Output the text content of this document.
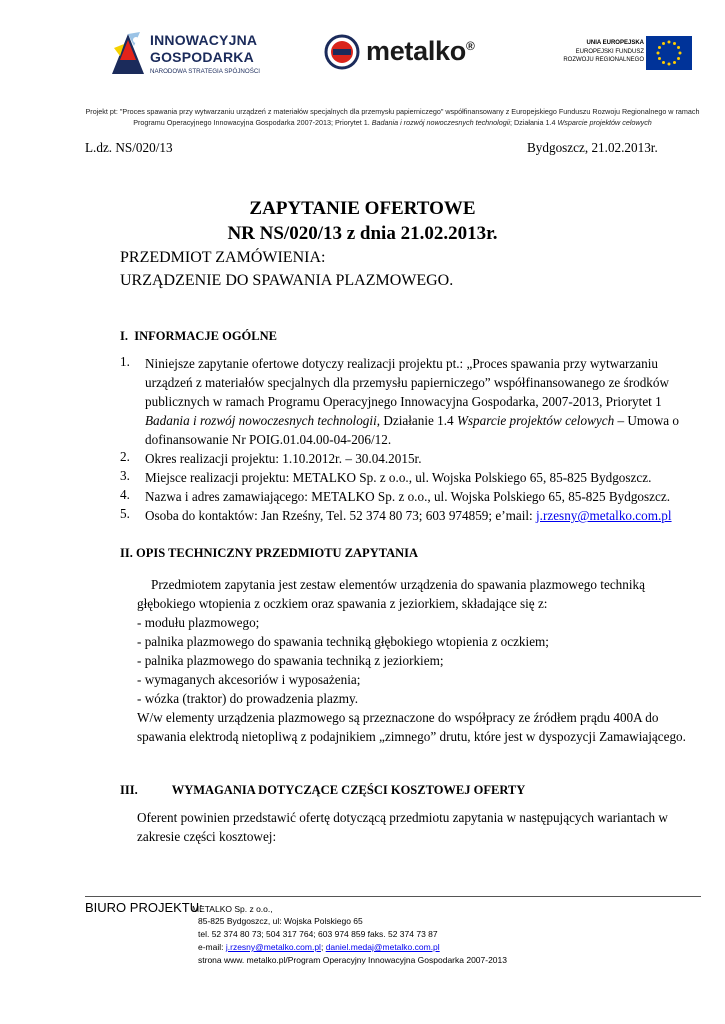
INNOWACYJNA
GOSPODARKA
NARODOWA STRATEGIA SPÓJNOŚCI
metalko®	UNIA EUROPEJSKA
EUROPEJSKI FUNDUSZ
ROZWOJU REGIONALNEGO
Projekt pt: "Proces spawania przy wytwarzaniu urządzeń z materiałów specjalnych dla przemysłu papierniczego" współfinansowany z Europejskiego Funduszu Rozwoju Regionalnego w ramach Programu Operacyjnego Innowacyjna Gospodarka 2007-2013; Priorytet 1. Badania i rozwój nowoczesnych technologii; Działania 1.4 Wsparcie projektów celowych
L.dz. NS/020/13	Bydgoszcz, 21.02.2013r.
ZAPYTANIE OFERTOWE
NR NS/020/13 z dnia 21.02.2013r.
PRZEDMIOT ZAMÓWIENIA:
URZĄDZENIE DO SPAWANIA PLAZMOWEGO.
I. INFORMACJE OGÓLNE
1. Niniejsze zapytanie ofertowe dotyczy realizacji projektu pt.: „Proces spawania przy wytwarzaniu urządzeń z materiałów specjalnych dla przemysłu papierniczego” współfinansowanego ze środków publicznych w ramach Programu Operacyjnego Innowacyjna Gospodarka, 2007-2013, Priorytet 1 Badania i rozwój nowoczesnych technologii, Działanie 1.4 Wsparcie projektów celowych – Umowa o dofinansowanie Nr POIG.01.04.00-04-206/12.
2. Okres realizacji projektu: 1.10.2012r. – 30.04.2015r.
3. Miejsce realizacji projektu: METALKO Sp. z o.o., ul. Wojska Polskiego 65, 85-825 Bydgoszcz.
4. Nazwa i adres zamawiającego: METALKO Sp. z o.o., ul. Wojska Polskiego 65, 85-825 Bydgoszcz.
5. Osoba do kontaktów: Jan Rześny, Tel. 52 374 80 73; 603 974859; e’mail: j.rzesny@metalko.com.pl
II. OPIS TECHNICZNY PRZEDMIOTU ZAPYTANIA
Przedmiotem zapytania jest zestaw elementów urządzenia do spawania plazmowego techniką głębokiego wtopienia z oczkiem oraz spawania z jeziorkiem, składające się z:
- modułu plazmowego;
- palnika plazmowego do spawania techniką głębokiego wtopienia z oczkiem;
- palnika plazmowego do spawania techniką z jeziorkiem;
- wymaganych akcesoriów i wyposażenia;
- wózka (traktor) do prowadzenia plazmy.
W/w elementy urządzenia plazmowego są przeznaczone do współpracy ze źródłem prądu 400A do spawania elektrodą nietopliwą z podajnikiem „zimnego” drutu, które jest w dyspozycji Zamawiającego.
III.	WYMAGANIA DOTYCZĄCE CZĘŚCI KOSZTOWEJ OFERTY
Oferent powinien przedstawić ofertę dotyczącą przedmiotu zapytania w następujących wariantach w zakresie części kosztowej:
BIURO PROJEKTU:
METALKO Sp. z o.o.,
85-825 Bydgoszcz, ul: Wojska Polskiego 65
tel. 52 374 80 73; 504 317 764; 603 974 859 faks. 52 374 73 87
e-mail: j.rzesny@metalko.com.pl; daniel.medaj@metalko.com.pl
strona www. metalko.pl/Program Operacyjny Innowacyjna Gospodarka 2007-2013
